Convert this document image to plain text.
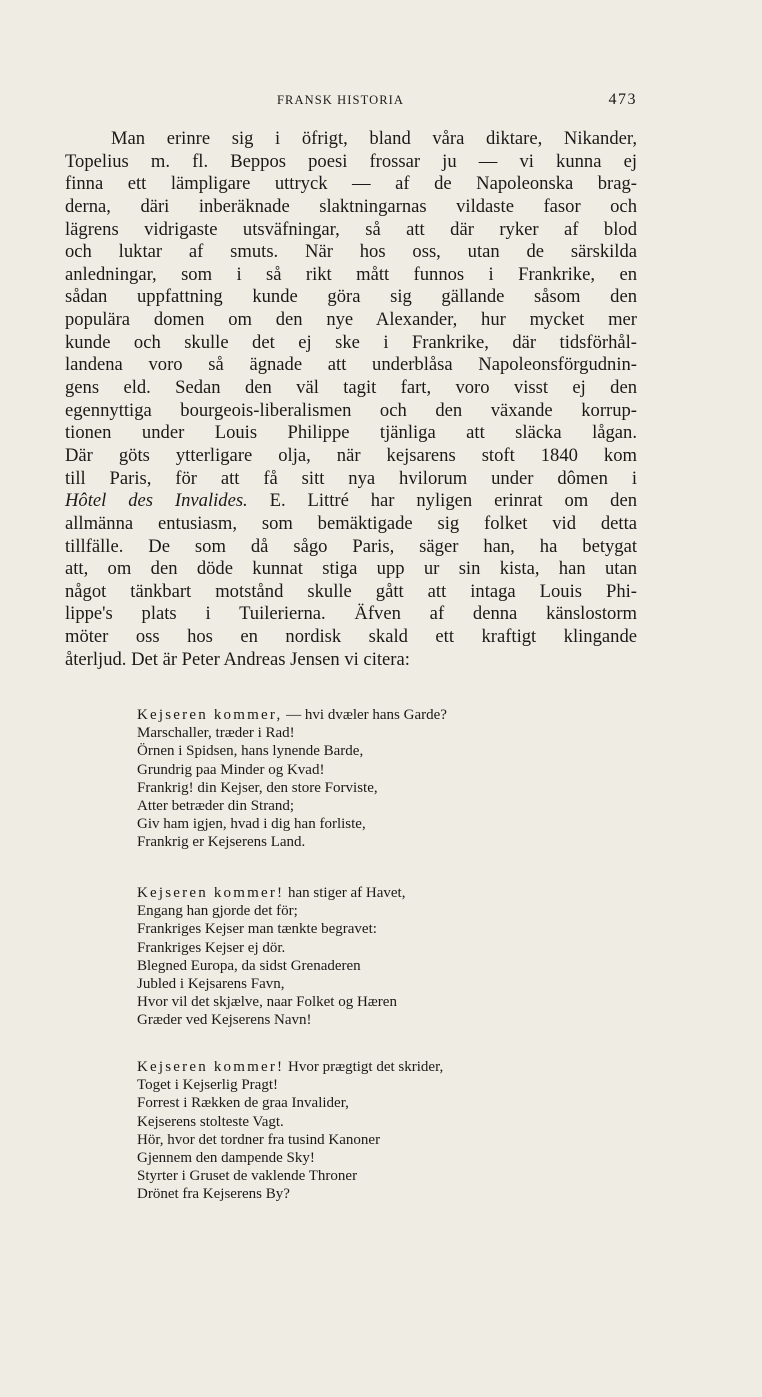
FRANSK HISTORIA	473
Man erinre sig i öfrigt, bland våra diktare, Nikander,
Topelius m. fl. Beppos poesi frossar ju — vi kunna ej
finna ett lämpligare uttryck — af de Napoleonska brag-
derna, däri inberäknade slaktningarnas vildaste fasor och
lägrens vidrigaste utsväfningar, så att där ryker af blod
och luktar af smuts. När hos oss, utan de särskilda
anledningar, som i så rikt mått funnos i Frankrike, en
sådan uppfattning kunde göra sig gällande såsom den
populära domen om den nye Alexander, hur mycket mer
kunde och skulle det ej ske i Frankrike, där tidsförhål-
landena voro så ägnade att underblåsa Napoleonsförgudnin-
gens eld. Sedan den väl tagit fart, voro visst ej den
egennyttiga bourgeois-liberalismen och den växande korrup-
tionen under Louis Philippe tjänliga att släcka lågan.
Där göts ytterligare olja, när kejsarens stoft 1840 kom
till Paris, för att få sitt nya hvilorum under dômen i
Hôtel des Invalides. E. Littré har nyligen erinrat om den
allmänna entusiasm, som bemäktigade sig folket vid detta
tillfälle. De som då sågo Paris, säger han, ha betygat
att, om den döde kunnat stiga upp ur sin kista, han utan
något tänkbart motstånd skulle gått att intaga Louis Phi-
lippe's plats i Tuilerierna. Äfven af denna känslostorm
möter oss hos en nordisk skald ett kraftigt klingande
återljud. Det är Peter Andreas Jensen vi citera:
Kejseren kommer, — hvi dvæler hans Garde?
Marschaller, træder i Rad!
Örnen i Spidsen, hans lynende Barde,
Grundrig paa Minder og Kvad!
Frankrig! din Kejser, den store Forviste,
Atter betræder din Strand;
Giv ham igjen, hvad i dig han forliste,
Frankrig er Kejserens Land.
Kejseren kommer! han stiger af Havet,
Engang han gjorde det för;
Frankriges Kejser man tænkte begravet:
Frankriges Kejser ej dör.
Blegned Europa, da sidst Grenaderen
Jubled i Kejsarens Favn,
Hvor vil det skjælve, naar Folket og Hæren
Græder ved Kejserens Navn!
Kejseren kommer! Hvor prægtigt det skrider,
Toget i Kejserlig Pragt!
Forrest i Rækken de graa Invalider,
Kejserens stolteste Vagt.
Hör, hvor det tordner fra tusind Kanoner
Gjennem den dampende Sky!
Styrter i Gruset de vaklende Throner
Drönet fra Kejserens By?
